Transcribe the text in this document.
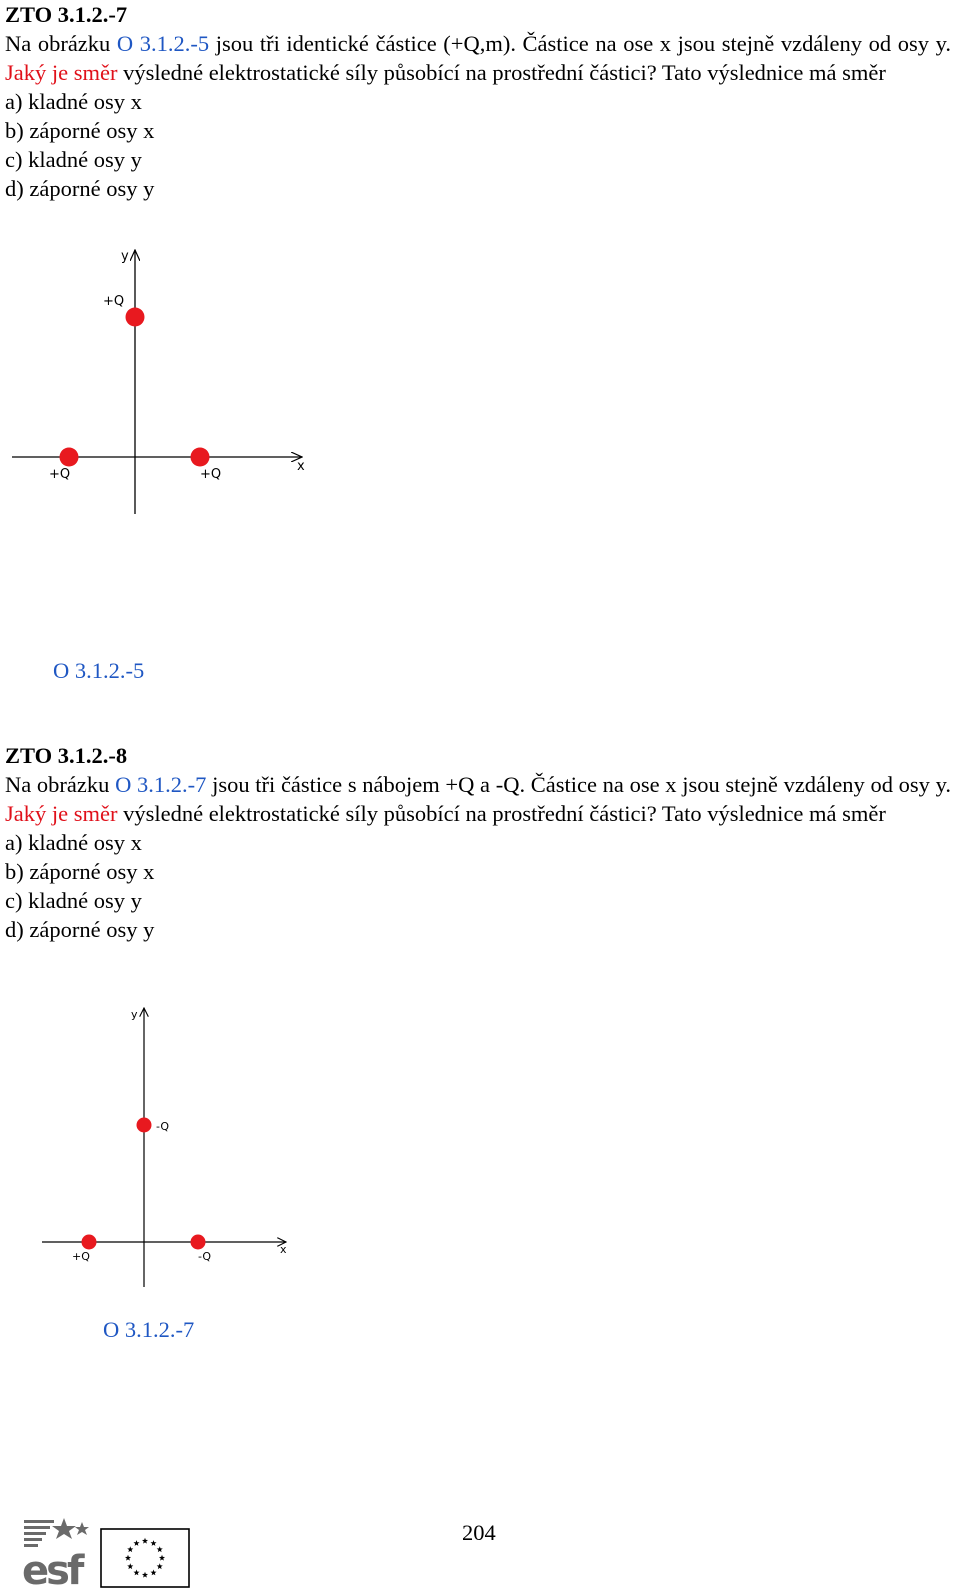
ZTO 3.1.2.-7
Na obrázku O 3.1.2.-5 jsou tři identické částice (+Q,m). Částice na ose x jsou stejně vzdáleny od osy y. Jaký je směr výsledné elektrostatické síly působící na prostřední částici? Tato výslednice má směr
a) kladné osy x
b) záporné osy x
c) kladné osy y
d) záporné osy y
y
x
+Q
+Q	+Q
O 3.1.2.-5
ZTO 3.1.2.-8
Na obrázku O 3.1.2.-7 jsou tři částice s nábojem +Q a -Q. Částice na ose x jsou stejně vzdáleny od osy y. Jaký je směr výsledné elektrostatické síly působící na prostřední částici? Tato výslednice má směr
a) kladné osy x
b) záporné osy x
c) kladné osy y
d) záporné osy y
y
x
-Q
+Q	-Q
O 3.1.2.-7
204
esf
